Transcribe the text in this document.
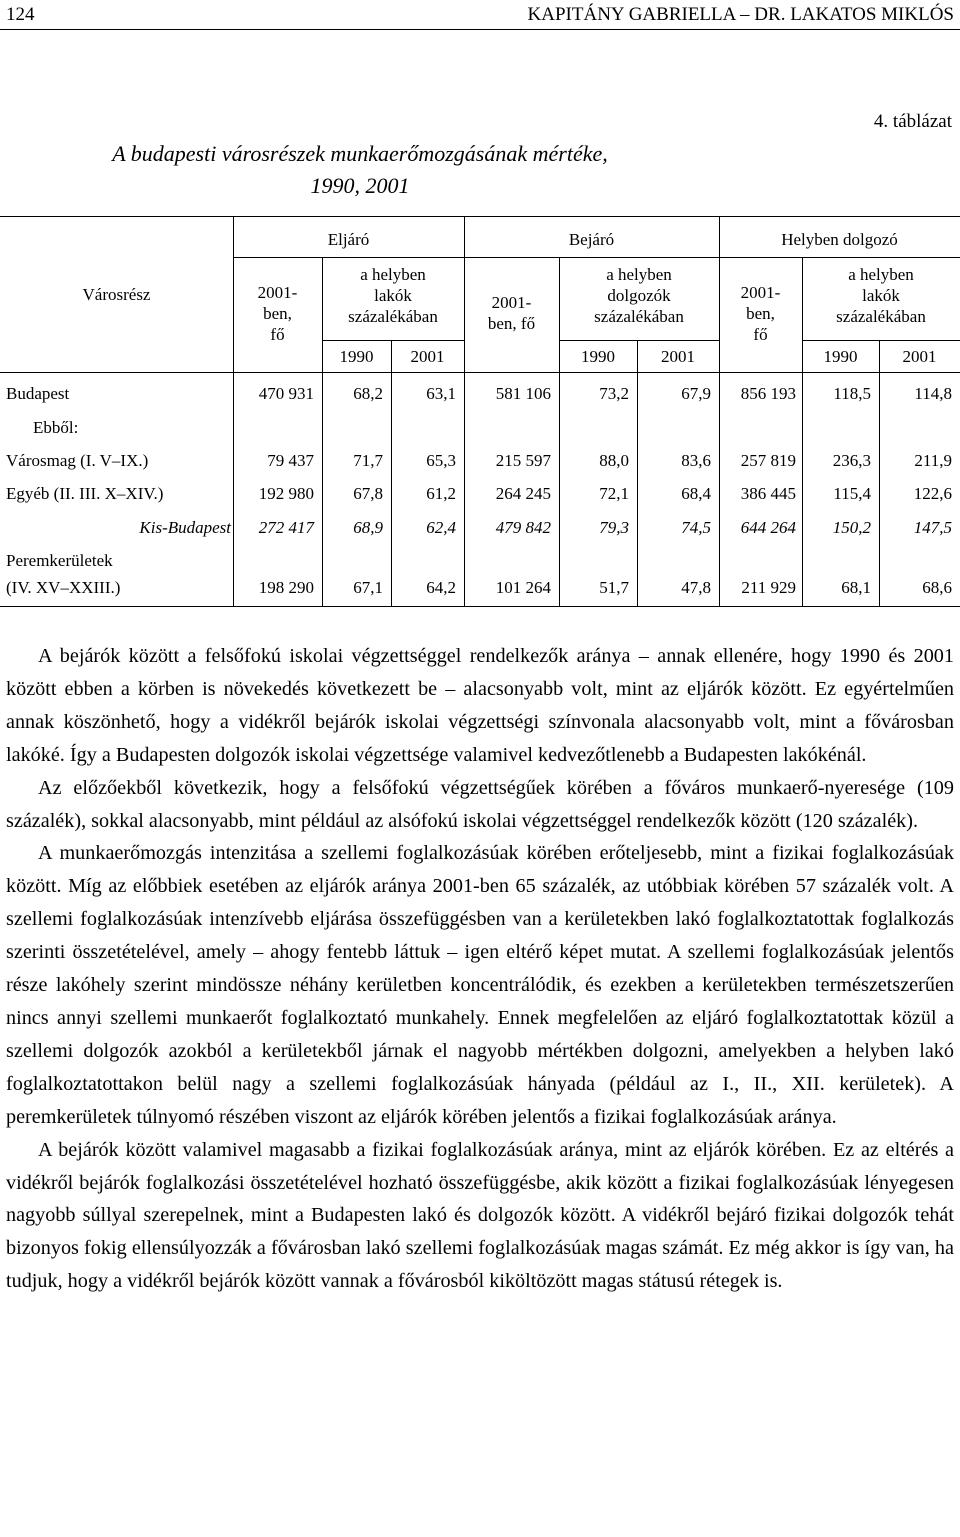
124	KAPITÁNY GABRIELLA – DR. LAKATOS MIKLÓS
4. táblázat
A budapesti városrészek munkaerőmozgásának mértéke,
1990, 2001
Városrész
Eljáró	Bejáró	Helyben dolgozó
2001-
ben,
fő
a helyben
lakók
százalékában
2001-
ben, fő
a helyben
dolgozók
százalékában
2001-
ben,
fő
a helyben
lakók
százalékában
1990	2001	1990	2001	1990	2001
Budapest	470 931	68,2	63,1	581 106	73,2	67,9	856 193	118,5	114,8
Ebből:
Városmag (I. V–IX.)	79 437	71,7	65,3	215 597	88,0	83,6	257 819	236,3	211,9
Egyéb (II. III. X–XIV.)	192 980	67,8	61,2	264 245	72,1	68,4	386 445	115,4	122,6
Kis-Budapest	272 417	68,9	62,4	479 842	79,3	74,5	644 264	150,2	147,5
Peremkerületek
(IV. XV–XXIII.)	198 290	67,1	64,2	101 264	51,7	47,8	211 929	68,1	68,6

A bejárók között a felsőfokú iskolai végzettséggel rendelkezők aránya – annak ellenére, hogy 1990 és 2001 között ebben a körben is növekedés következett be – alacsonyabb volt, mint az eljárók között. Ez egyértelműen annak köszönhető, hogy a vidékről bejárók iskolai végzettségi színvonala alacsonyabb volt, mint a fővárosban lakóké. Így a Budapesten dolgozók iskolai végzettsége valamivel kedvezőtlenebb a Budapesten lakókénál.

Az előzőekből következik, hogy a felsőfokú végzettségűek körében a főváros munkaerő-nyeresége (109 százalék), sokkal alacsonyabb, mint például az alsófokú iskolai végzettséggel rendelkezők között (120 százalék).

A munkaerőmozgás intenzitása a szellemi foglalkozásúak körében erőteljesebb, mint a fizikai foglalkozásúak között. Míg az előbbiek esetében az eljárók aránya 2001-ben 65 százalék, az utóbbiak körében 57 százalék volt. A szellemi foglalkozásúak intenzívebb eljárása összefüggésben van a kerületekben lakó foglalkoztatottak foglalkozás szerinti összetételével, amely – ahogy fentebb láttuk – igen eltérő képet mutat. A szellemi foglalkozásúak jelentős része lakóhely szerint mindössze néhány kerületben koncentrálódik, és ezekben a kerületekben természetszerűen nincs annyi szellemi munkaerőt foglalkoztató munkahely. Ennek megfelelően az eljáró foglalkoztatottak közül a szellemi dolgozók azokból a kerületekből járnak el nagyobb mértékben dolgozni, amelyekben a helyben lakó foglalkoztatottakon belül nagy a szellemi foglalkozásúak hányada (például az I., II., XII. kerületek). A peremkerületek túlnyomó részében viszont az eljárók körében jelentős a fizikai foglalkozásúak aránya.

A bejárók között valamivel magasabb a fizikai foglalkozásúak aránya, mint az eljárók körében. Ez az eltérés a vidékről bejárók foglalkozási összetételével hozható összefüggésbe, akik között a fizikai foglalkozásúak lényegesen nagyobb súllyal szerepelnek, mint a Budapesten lakó és dolgozók között. A vidékről bejáró fizikai dolgozók tehát bizonyos fokig ellensúlyozzák a fővárosban lakó szellemi foglalkozásúak magas számát. Ez még akkor is így van, ha tudjuk, hogy a vidékről bejárók között vannak a fővárosból kiköltözött magas státusú rétegek is.
